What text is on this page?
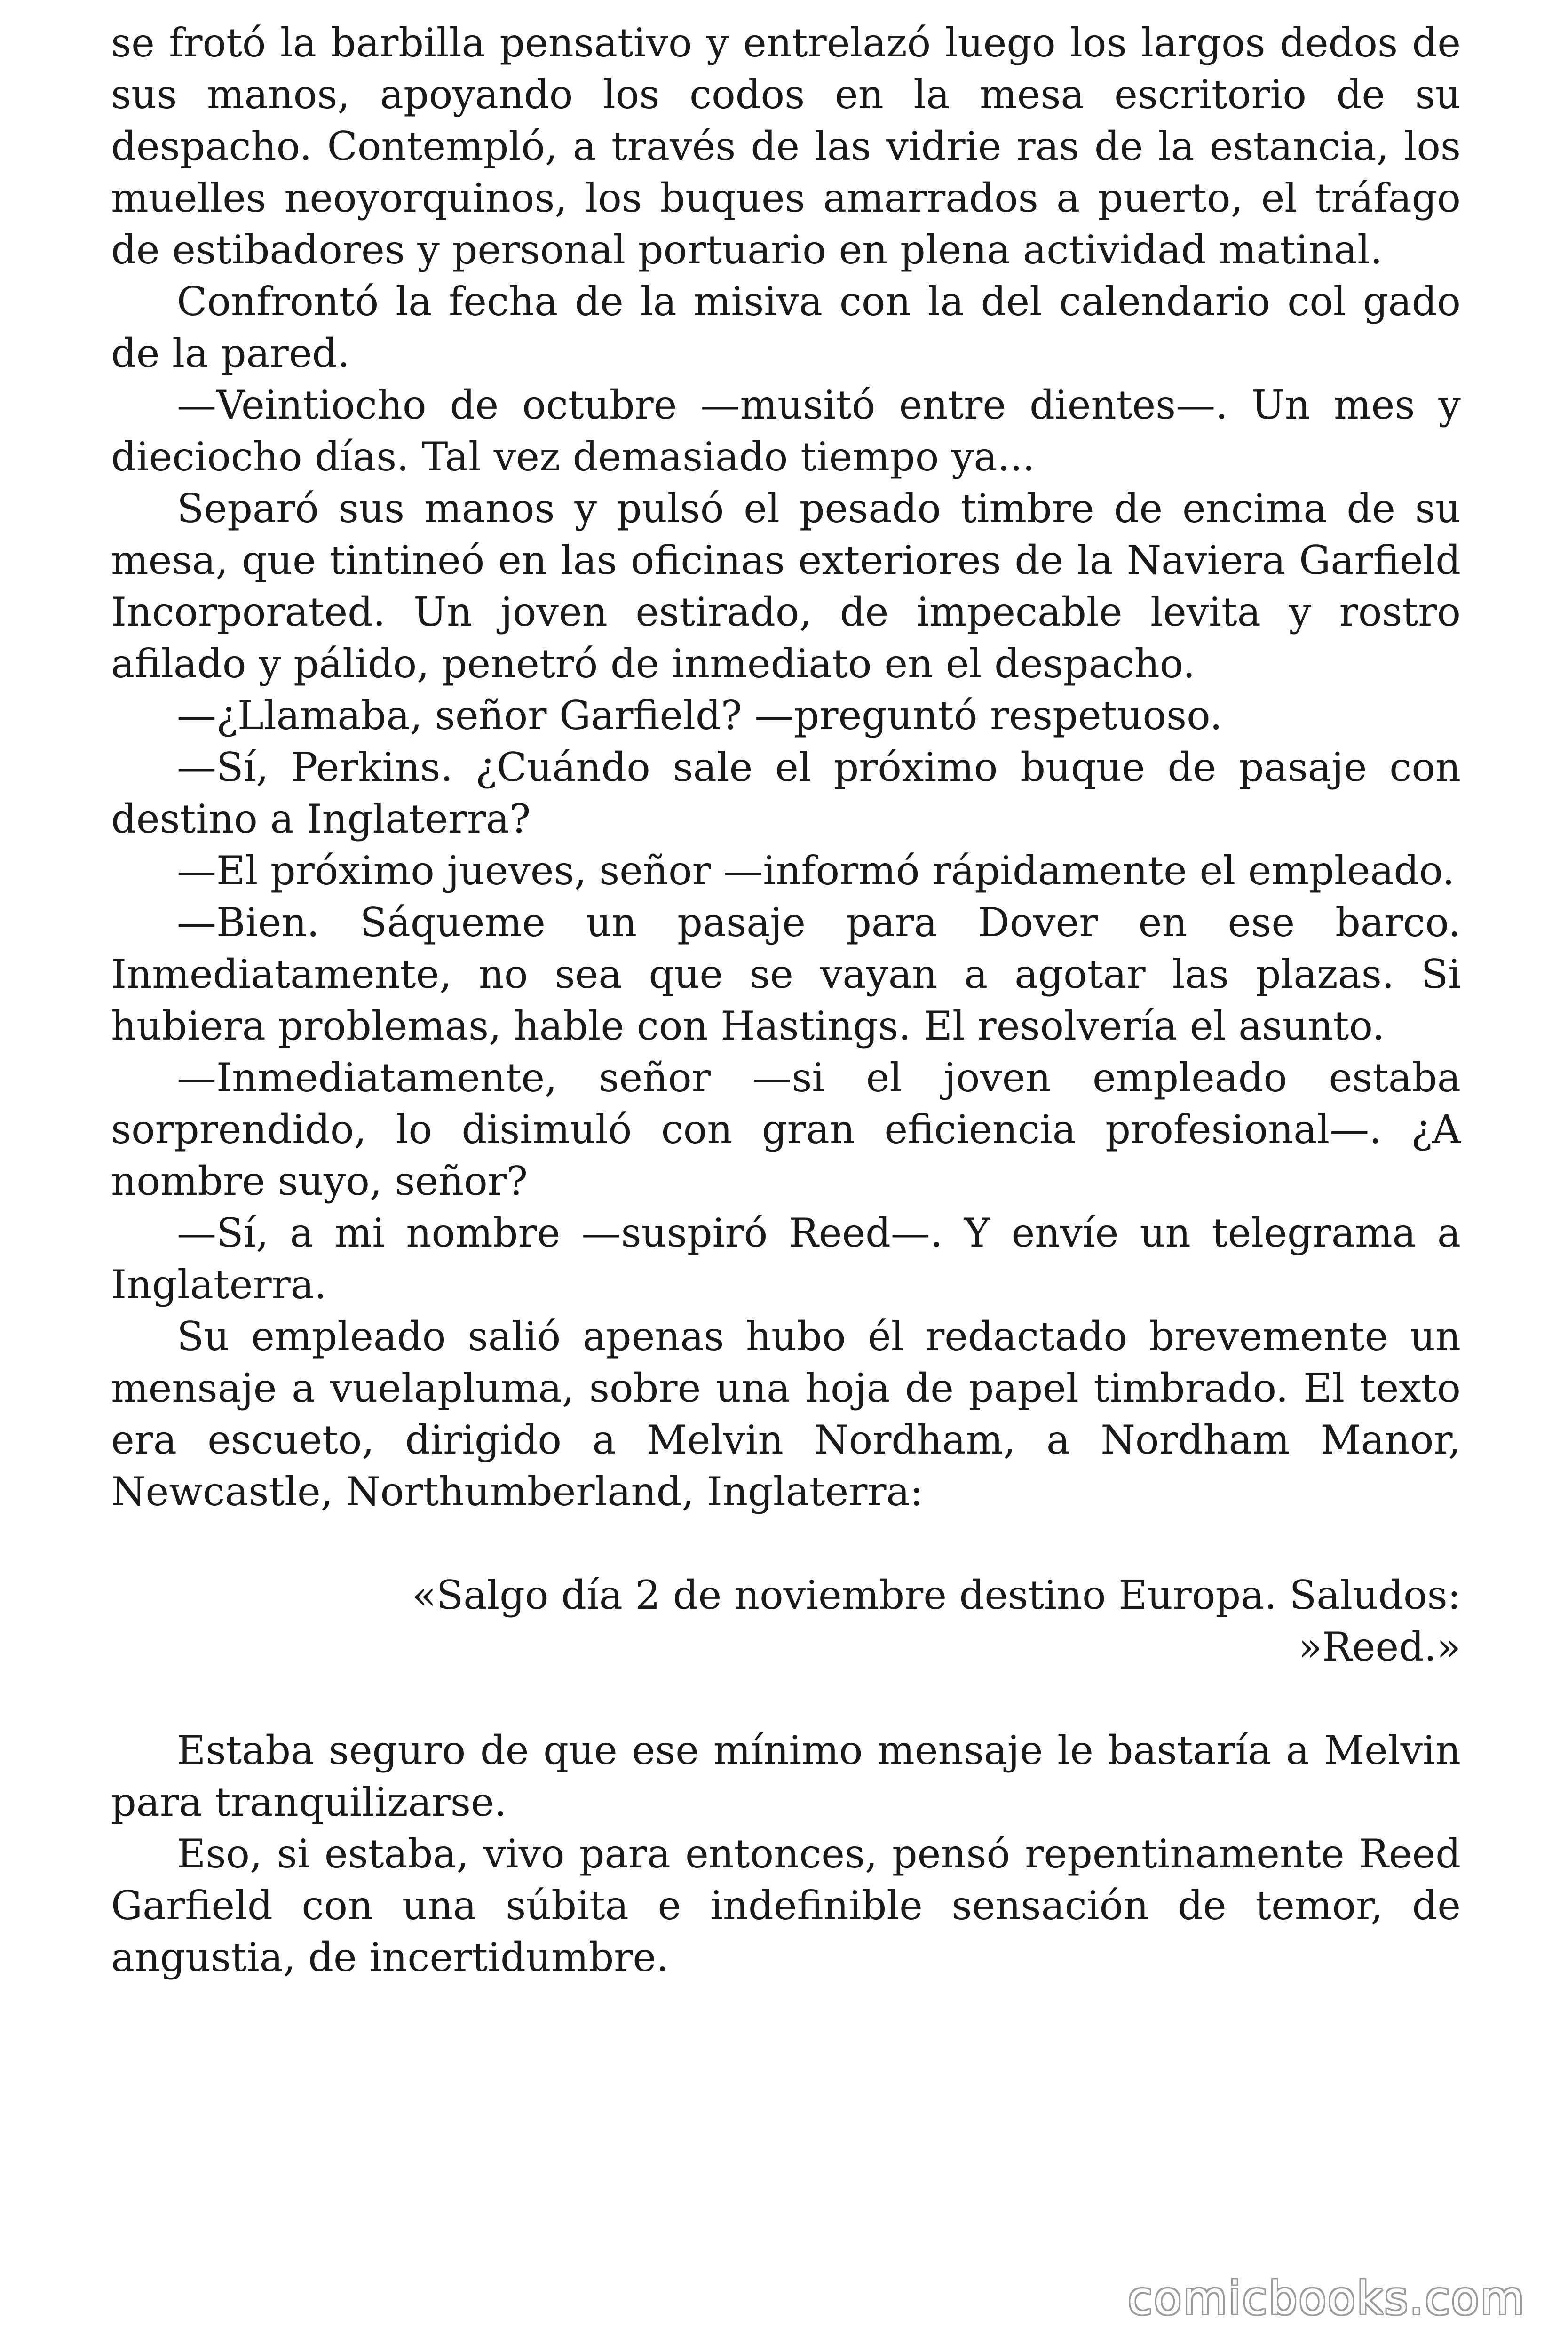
se frotó la barbilla pensativo y entrelazó luego los largos dedos de sus manos, apoyando los codos en la mesa escritorio de su despacho. Contempló, a través de las vidrie ras de la estancia, los muelles neoyorquinos, los buques amarrados a puerto, el tráfago de estibadores y personal portuario en plena actividad matinal.

Confrontó la fecha de la misiva con la del calendario col gado de la pared.

—Veintiocho de octubre —musitó entre dientes—. Un mes y dieciocho días. Tal vez demasiado tiempo ya...

Separó sus manos y pulsó el pesado timbre de encima de su mesa, que tintineó en las oficinas exteriores de la Naviera Garfield Incorporated. Un joven estirado, de impecable levita y rostro afilado y pálido, penetró de inmediato en el despacho.

—¿Llamaba, señor Garfield? —preguntó respetuoso.

—Sí, Perkins. ¿Cuándo sale el próximo buque de pasaje con destino a Inglaterra?

—El próximo jueves, señor —informó rápidamente el empleado.

—Bien. Sáqueme un pasaje para Dover en ese barco. Inmediatamente, no sea que se vayan a agotar las plazas. Si hubiera problemas, hable con Hastings. El resolvería el asunto.

—Inmediatamente, señor —si el joven empleado estaba sorprendido, lo disimuló con gran eficiencia profesional—. ¿A nombre suyo, señor?

—Sí, a mi nombre —suspiró Reed—. Y envíe un telegrama a Inglaterra.

Su empleado salió apenas hubo él redactado brevemente un mensaje a vuelapluma, sobre una hoja de papel timbrado. El texto era escueto, dirigido a Melvin Nordham, a Nordham Manor, Newcastle, Northumberland, Inglaterra:

«Salgo día 2 de noviembre destino Europa. Saludos:
»Reed.»

Estaba seguro de que ese mínimo mensaje le bastaría a Melvin para tranquilizarse.

Eso, si estaba, vivo para entonces, pensó repentinamente Reed Garfield con una súbita e indefinible sensación de temor, de angustia, de incertidumbre.

comicbooks.com
